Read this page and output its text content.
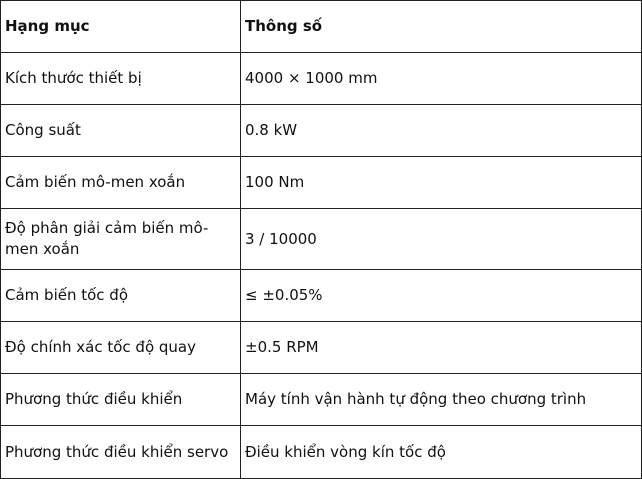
Hạng mục	Thông số
Kích thước thiết bị	4000 × 1000 mm
Công suất	0.8 kW
Cảm biến mô-men xoắn	100 Nm
Độ phân giải cảm biến mô-men xoắn	3 / 10000
Cảm biến tốc độ	≤ ±0.05%
Độ chính xác tốc độ quay	±0.5 RPM
Phương thức điều khiển	Máy tính vận hành tự động theo chương trình
Phương thức điều khiển servo	Điều khiển vòng kín tốc độ
